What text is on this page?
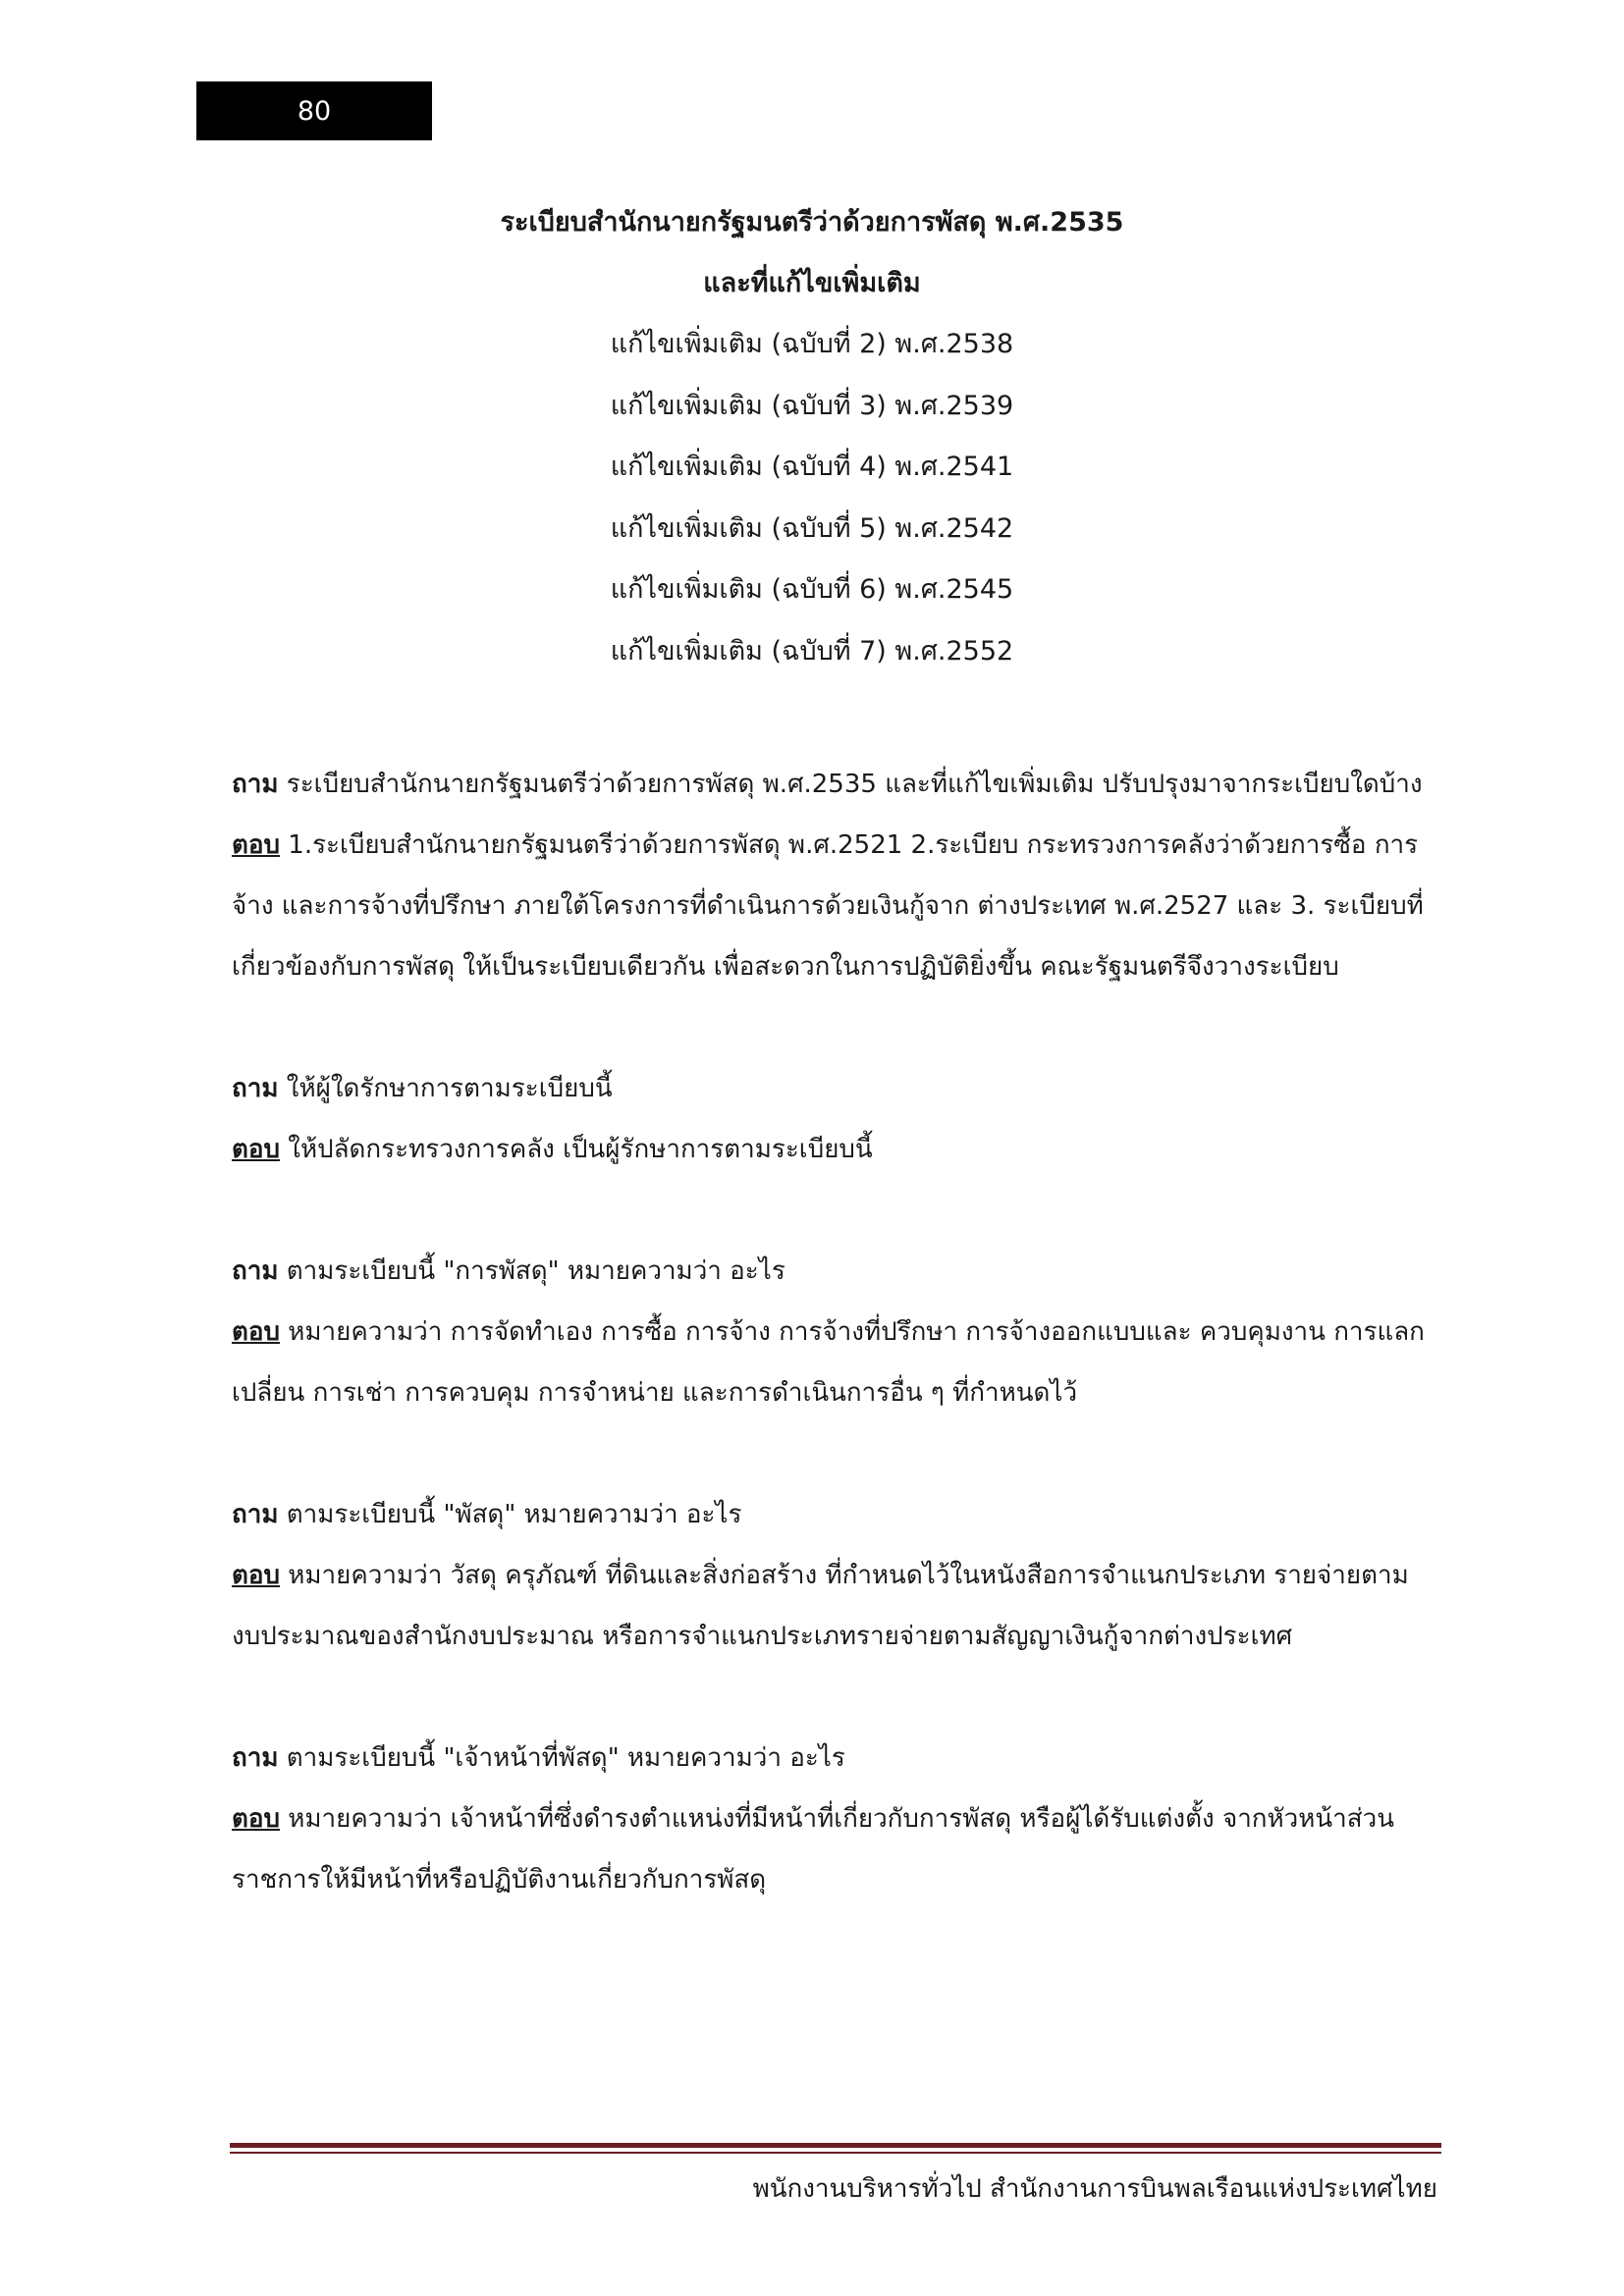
80

ระเบียบสำนักนายกรัฐมนตรีว่าด้วยการพัสดุ พ.ศ.2535

และที่แก้ไขเพิ่มเติม

แก้ไขเพิ่มเติม (ฉบับที่ 2) พ.ศ.2538
แก้ไขเพิ่มเติม (ฉบับที่ 3) พ.ศ.2539
แก้ไขเพิ่มเติม (ฉบับที่ 4) พ.ศ.2541
แก้ไขเพิ่มเติม (ฉบับที่ 5) พ.ศ.2542
แก้ไขเพิ่มเติม (ฉบับที่ 6) พ.ศ.2545
แก้ไขเพิ่มเติม (ฉบับที่ 7) พ.ศ.2552
ถาม ระเบียบสำนักนายกรัฐมนตรีว่าด้วยการพัสดุ พ.ศ.2535 และที่แก้ไขเพิ่มเติม ปรับปรุงมาจากระเบียบใดบ้าง
ตอบ 1.ระเบียบสำนักนายกรัฐมนตรีว่าด้วยการพัสดุ พ.ศ.2521 2.ระเบียบ กระทรวงการคลังว่าด้วยการซื้อ การจ้าง และการจ้างที่ปรึกษา ภายใต้โครงการที่ดำเนินการด้วยเงินกู้จาก ต่างประเทศ พ.ศ.2527 และ 3. ระเบียบที่เกี่ยวข้องกับการพัสดุ ให้เป็นระเบียบเดียวกัน เพื่อสะดวกในการปฏิบัติยิ่งขึ้น คณะรัฐมนตรีจึงวางระเบียบ
ถาม ให้ผู้ใดรักษาการตามระเบียบนี้
ตอบ ให้ปลัดกระทรวงการคลัง เป็นผู้รักษาการตามระเบียบนี้
ถาม ตามระเบียบนี้ "การพัสดุ" หมายความว่า อะไร
ตอบ หมายความว่า การจัดทำเอง การซื้อ การจ้าง การจ้างที่ปรึกษา การจ้างออกแบบและ ควบคุมงาน การแลกเปลี่ยน การเช่า การควบคุม การจำหน่าย และการดำเนินการอื่น ๆ ที่กำหนดไว้
ถาม ตามระเบียบนี้ "พัสดุ" หมายความว่า อะไร
ตอบ หมายความว่า วัสดุ ครุภัณฑ์ ที่ดินและสิ่งก่อสร้าง ที่กำหนดไว้ในหนังสือการจำแนกประเภท รายจ่ายตามงบประมาณของสำนักงบประมาณ หรือการจำแนกประเภทรายจ่ายตามสัญญาเงินกู้จากต่างประเทศ
ถาม ตามระเบียบนี้ "เจ้าหน้าที่พัสดุ" หมายความว่า อะไร
ตอบ หมายความว่า เจ้าหน้าที่ซึ่งดำรงตำแหน่งที่มีหน้าที่เกี่ยวกับการพัสดุ หรือผู้ได้รับแต่งตั้ง จากหัวหน้าส่วนราชการให้มีหน้าที่หรือปฏิบัติงานเกี่ยวกับการพัสดุ
พนักงานบริหารทั่วไป สำนักงานการบินพลเรือนแห่งประเทศไทย
